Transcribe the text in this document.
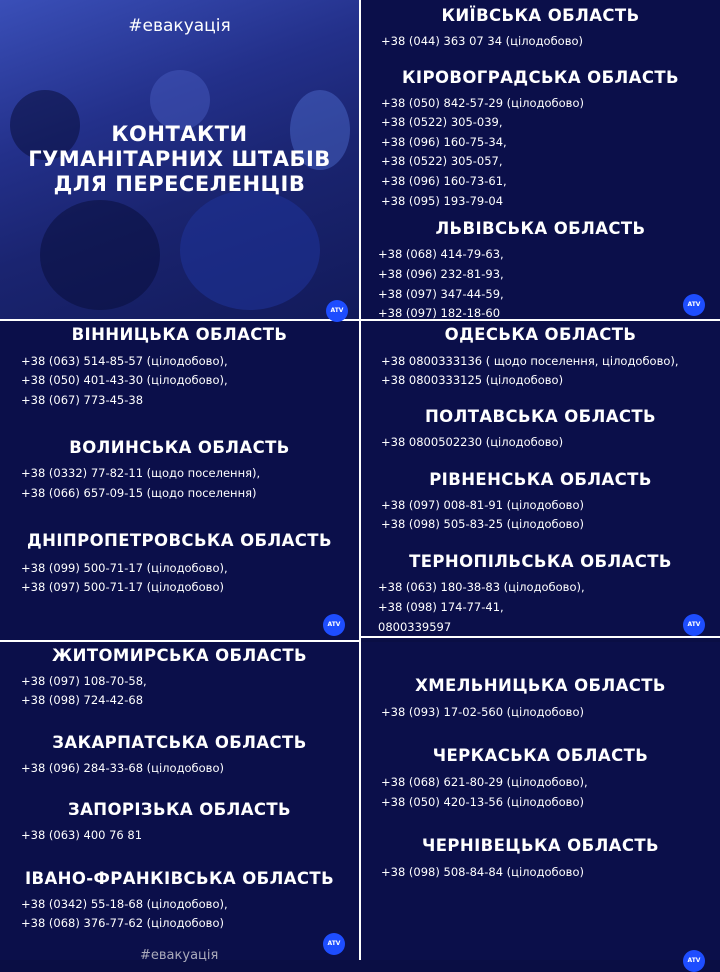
#евакуація
КОНТАКТИ
ГУМАНІТАРНИХ ШТАБІВ
ДЛЯ ПЕРЕСЕЛЕНЦІВ
КИЇВСЬКА ОБЛАСТЬ
+38 (044) 363 07 34 (цілодобово)
КІРОВОГРАДСЬКА ОБЛАСТЬ
+38 (050) 842-57-29 (цілодобово)
+38 (0522) 305-039,
+38 (096) 160-75-34,
+38 (0522) 305-057,
+38 (096) 160-73-61,
+38 (095) 193-79-04
ЛЬВІВСЬКА ОБЛАСТЬ
+38 (068) 414-79-63,
+38 (096) 232-81-93,
+38 (097) 347-44-59,
+38 (097) 182-18-60
ATV
ATV
ВІННИЦЬКА ОБЛАСТЬ
+38 (063) 514-85-57 (цілодобово),
+38 (050) 401-43-30 (цілодобово),
+38 (067) 773-45-38
ВОЛИНСЬКА ОБЛАСТЬ
+38 (0332) 77-82-11 (щодо поселення),
+38 (066) 657-09-15 (щодо поселення)
ДНІПРОПЕТРОВСЬКА ОБЛАСТЬ
+38 (099) 500-71-17 (цілодобово),
+38 (097) 500-71-17 (цілодобово)
ATV
ОДЕСЬКА ОБЛАСТЬ
+38 0800333136 ( щодо поселення, цілодобово),
+38 0800333125 (цілодобово)
ПОЛТАВСЬКА ОБЛАСТЬ
+38 0800502230 (цілодобово)
РІВНЕНСЬКА ОБЛАСТЬ
+38 (097) 008-81-91 (цілодобово)
+38 (098) 505-83-25 (цілодобово)
ТЕРНОПІЛЬСЬКА ОБЛАСТЬ
+38 (063) 180-38-83 (цілодобово),
+38 (098) 174-77-41,
0800339597	ATV
ЖИТОМИРСЬКА ОБЛАСТЬ
+38 (097) 108-70-58,
+38 (098) 724-42-68
ЗАКАРПАТСЬКА ОБЛАСТЬ
+38 (096) 284-33-68 (цілодобово)
ЗАПОРІЗЬКА ОБЛАСТЬ
+38 (063) 400 76 81
ІВАНО-ФРАНКІВСЬКА ОБЛАСТЬ
+38 (0342) 55-18-68 (цілодобово),
+38 (068) 376-77-62 (цілодобово)
#евакуація
ATV
ХМЕЛЬНИЦЬКА ОБЛАСТЬ
+38 (093) 17-02-560 (цілодобово)
ЧЕРКАСЬКА ОБЛАСТЬ
+38 (068) 621-80-29 (цілодобово),
+38 (050) 420-13-56 (цілодобово)
ЧЕРНІВЕЦЬКА ОБЛАСТЬ
+38 (098) 508-84-84 (цілодобово)
ATV
